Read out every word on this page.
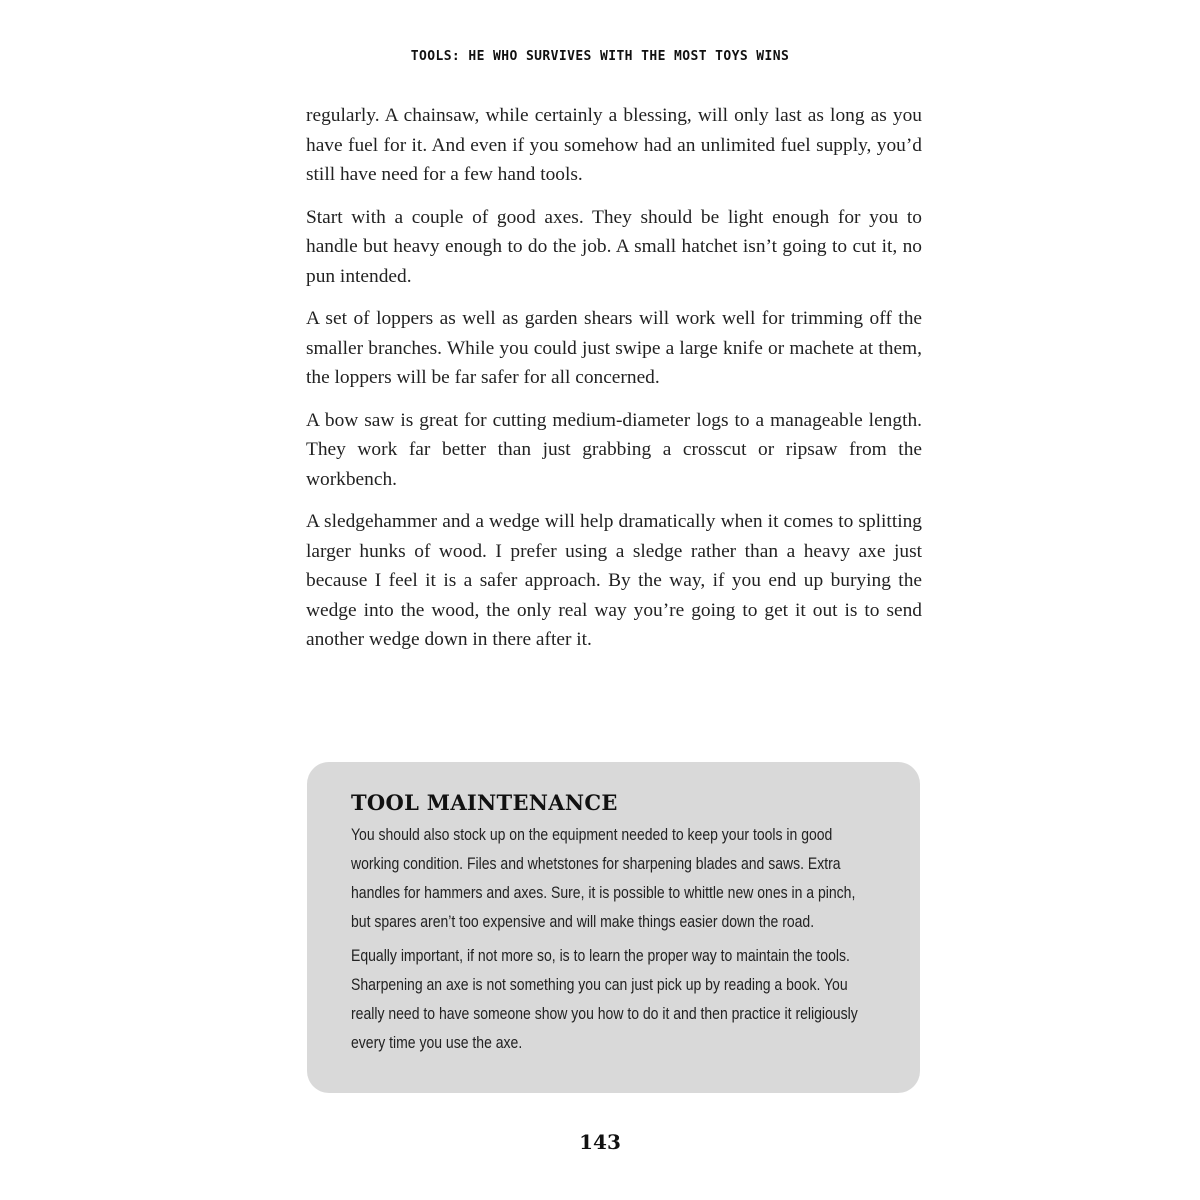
TOOLS: HE WHO SURVIVES WITH THE MOST TOYS WINS

regularly. A chainsaw, while certainly a blessing, will only last as long as you have fuel for it. And even if you somehow had an unlimited fuel supply, you’d still have need for a few hand tools.

Start with a couple of good axes. They should be light enough for you to handle but heavy enough to do the job. A small hatchet isn’t going to cut it, no pun intended.

A set of loppers as well as garden shears will work well for trimming off the smaller branches. While you could just swipe a large knife or machete at them, the loppers will be far safer for all concerned.

A bow saw is great for cutting medium-diameter logs to a manageable length. They work far better than just grabbing a crosscut or ripsaw from the workbench.

A sledgehammer and a wedge will help dramatically when it comes to splitting larger hunks of wood. I prefer using a sledge rather than a heavy axe just because I feel it is a safer approach. By the way, if you end up burying the wedge into the wood, the only real way you’re going to get it out is to send another wedge down in there after it.

TOOL MAINTENANCE

You should also stock up on the equipment needed to keep your tools in good working condition. Files and whetstones for sharpening blades and saws. Extra handles for hammers and axes. Sure, it is possible to whittle new ones in a pinch, but spares aren’t too expensive and will make things easier down the road.

Equally important, if not more so, is to learn the proper way to maintain the tools. Sharpening an axe is not something you can just pick up by reading a book. You really need to have someone show you how to do it and then practice it religiously every time you use the axe.

143
